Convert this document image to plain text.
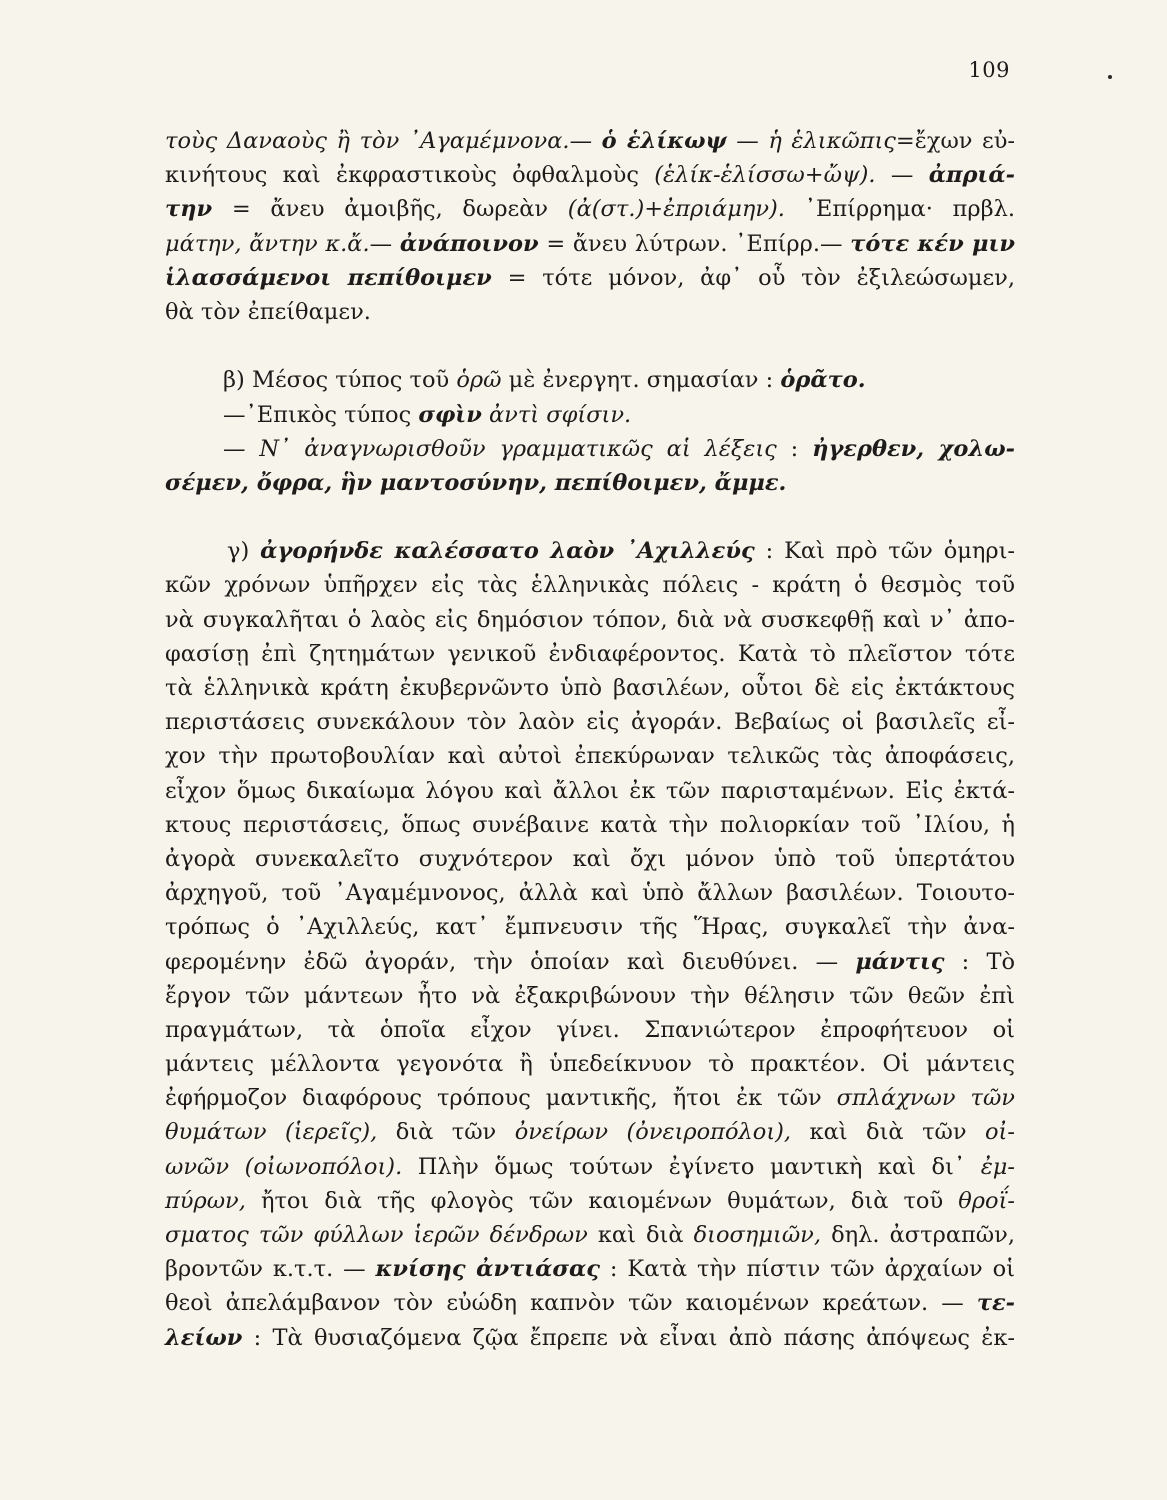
109
τοὺς Δαναοὺς ἢ τὸν ᾿Αγαμέμνονα.— ὁ ἑλίκωψ — ἡ ἑλικῶπις=ἔχων εὐ-
κινήτους καὶ ἐκφραστικοὺς ὀφθαλμοὺς (ἑλίκ-ἑλίσσω+ὤψ). — ἀπριά-
την = ἄνευ ἀμοιβῆς, δωρεὰν (ἀ(στ.)+ἐπριάμην). ᾿Επίρρημα· πρβλ.
μάτην, ἄντην κ.ἄ.— ἀνάποινον = ἄνευ λύτρων. ᾿Επίρρ.— τότε κέν μιν
ἱλασσάμενοι πεπίθοιμεν = τότε μόνον, ἀφ᾿ οὗ τὸν ἐξιλεώσωμεν,
θὰ τὸν ἐπείθαμεν.
β) Μέσος τύπος τοῦ ὁρῶ μὲ ἐνεργητ. σημασίαν : ὁρᾶτο.
—᾿Επικὸς τύπος σφὶν ἀντὶ σφίσιν.
— Ν᾿ ἀναγνωρισθοῦν γραμματικῶς αἱ λέξεις : ἠγερθεν, χολω-
σέμεν, ὄφρα, ἣν μαντοσύνην, πεπίθοιμεν, ἄμμε.
γ) ἀγορήνδε καλέσσατο λαὸν ᾿Αχιλλεύς : Καὶ πρὸ τῶν ὁμηρι-
κῶν χρόνων ὑπῆρχεν εἰς τὰς ἑλληνικὰς πόλεις - κράτη ὁ θεσμὸς τοῦ
νὰ συγκαλῆται ὁ λαὸς εἰς δημόσιον τόπον, διὰ νὰ συσκεφθῇ καὶ ν᾿ ἀπο-
φασίσῃ ἐπὶ ζητημάτων γενικοῦ ἐνδιαφέροντος. Κατὰ τὸ πλεῖστον τότε
τὰ ἑλληνικὰ κράτη ἐκυβερνῶντο ὑπὸ βασιλέων, οὗτοι δὲ εἰς ἐκτάκτους
περιστάσεις συνεκάλουν τὸν λαὸν εἰς ἀγοράν. Βεβαίως οἱ βασιλεῖς εἶ-
χον τὴν πρωτοβουλίαν καὶ αὐτοὶ ἐπεκύρωναν τελικῶς τὰς ἀποφάσεις,
εἶχον ὅμως δικαίωμα λόγου καὶ ἄλλοι ἐκ τῶν παρισταμένων. Εἰς ἐκτά-
κτους περιστάσεις, ὅπως συνέβαινε κατὰ τὴν πολιορκίαν τοῦ ᾿Ιλίου, ἡ
ἀγορὰ συνεκαλεῖτο συχνότερον καὶ ὄχι μόνον ὑπὸ τοῦ ὑπερτάτου
ἀρχηγοῦ, τοῦ ᾿Αγαμέμνονος, ἀλλὰ καὶ ὑπὸ ἄλλων βασιλέων. Τοιουτο-
τρόπως ὁ ᾿Αχιλλεύς, κατ᾿ ἔμπνευσιν τῆς Ἥρας, συγκαλεῖ τὴν ἀνα-
φερομένην ἐδῶ ἀγοράν, τὴν ὁποίαν καὶ διευθύνει. — μάντις : Τὸ
ἔργον τῶν μάντεων ἦτο νὰ ἐξακριβώνουν τὴν θέλησιν τῶν θεῶν ἐπὶ
πραγμάτων, τὰ ὁποῖα εἶχον γίνει. Σπανιώτερον ἐπροφήτευον οἱ
μάντεις μέλλοντα γεγονότα ἢ ὑπεδείκνυον τὸ πρακτέον. Οἱ μάντεις
ἐφήρμοζον διαφόρους τρόπους μαντικῆς, ἤτοι ἐκ τῶν σπλάχνων τῶν
θυμάτων (ἱερεῖς), διὰ τῶν ὀνείρων (ὀνειροπόλοι), καὶ διὰ τῶν οἰ-
ωνῶν (οἰωνοπόλοι). Πλὴν ὅμως τούτων ἐγίνετο μαντικὴ καὶ δι᾿ ἐμ-
πύρων, ἤτοι διὰ τῆς φλογὸς τῶν καιομένων θυμάτων, διὰ τοῦ θροΐ-
σματος τῶν φύλλων ἱερῶν δένδρων καὶ διὰ διοσημιῶν, δηλ. ἀστραπῶν,
βροντῶν κ.τ.τ. — κνίσης ἀντιάσας : Κατὰ τὴν πίστιν τῶν ἀρχαίων οἱ
θεοὶ ἀπελάμβανον τὸν εὐώδη καπνὸν τῶν καιομένων κρεάτων. — τε-
λείων : Τὰ θυσιαζόμενα ζῷα ἔπρεπε νὰ εἶναι ἀπὸ πάσης ἀπόψεως ἐκ-
